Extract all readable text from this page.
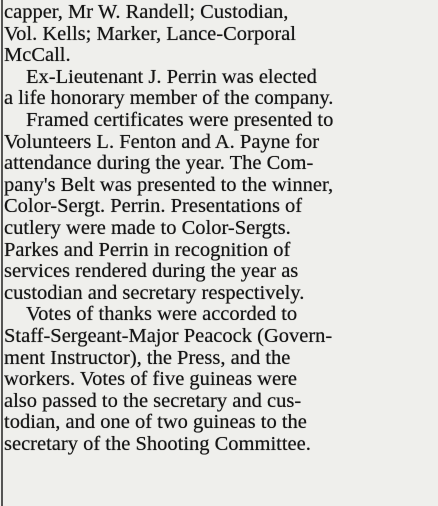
capper, Mr W. Randell; Custodian,
Vol. Kells; Marker, Lance-Corporal
McCall.
Ex-Lieutenant J. Perrin was elected
a life honorary member of the company.
Framed certificates were presented to
Volunteers L. Fenton and A. Payne for
attendance during the year. The Com-
pany's Belt was presented to the winner,
Color-Sergt. Perrin. Presentations of
cutlery were made to Color-Sergts.
Parkes and Perrin in recognition of
services rendered during the year as
custodian and secretary respectively.
Votes of thanks were accorded to
Staff-Sergeant-Major Peacock (Govern-
ment Instructor), the Press, and the
workers. Votes of five guineas were
also passed to the secretary and cus-
todian, and one of two guineas to the
secretary of the Shooting Committee.
